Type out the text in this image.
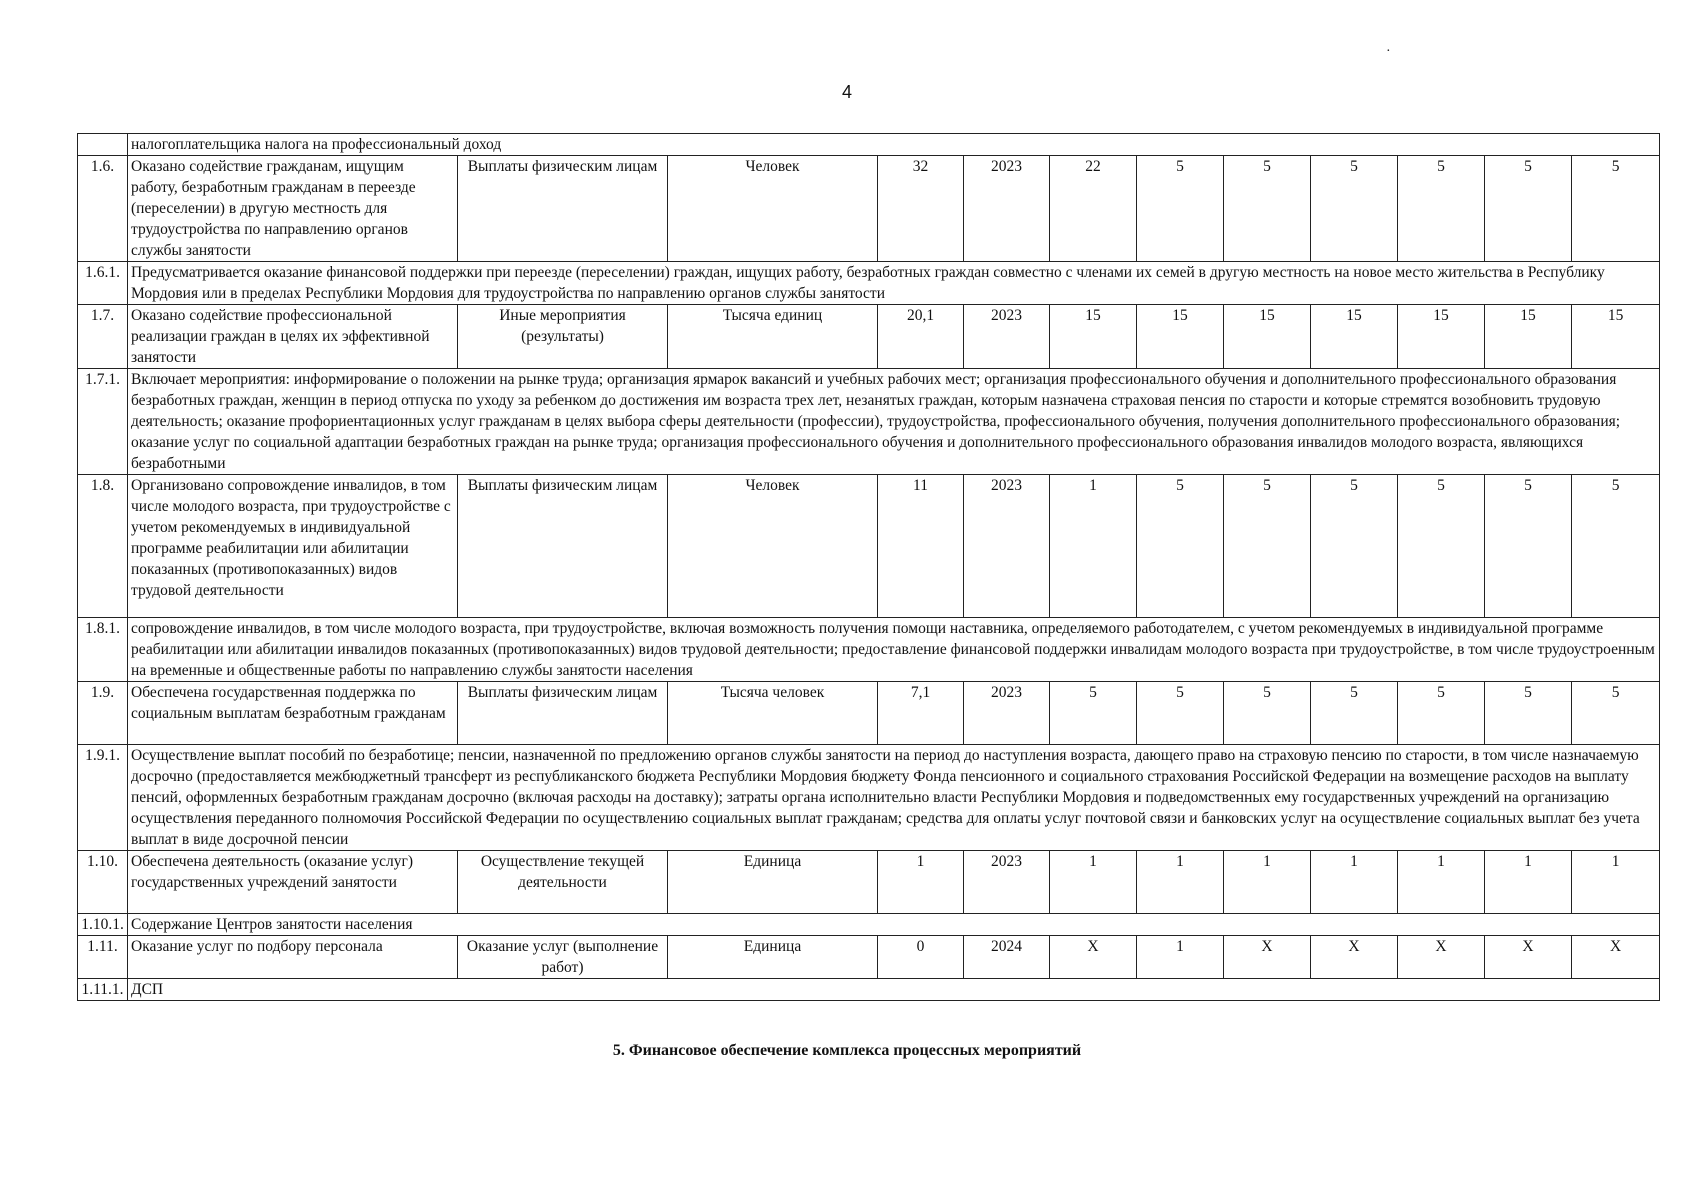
4
·
	налогоплательщика налога на профессиональный доход											
1.6.	Оказано содействие гражданам, ищущим работу, безработным гражданам в переезде (переселении) в другую местность для трудоустройства по направлению органов службы занятости	Выплаты физическим лицам	Человек	32	2023	22	5	5	5	5	5	5
1.6.1.	Предусматривается оказание финансовой поддержки при переезде (переселении) граждан, ищущих работу, безработных граждан совместно с членами их семей в другую местность на новое место жительства в Республику Мордовия или в пределах Республики Мордовия для трудоустройства по направлению органов службы занятости											
1.7.	Оказано содействие профессиональной реализации граждан в целях их эффективной занятости	Иные мероприятия (результаты)	Тысяча единиц	20,1	2023	15	15	15	15	15	15	15
1.7.1.	Включает мероприятия: информирование о положении на рынке труда; организация ярмарок вакансий и учебных рабочих мест; организация профессионального обучения и дополнительного профессионального образования безработных граждан, женщин в период отпуска по уходу за ребенком до достижения им возраста трех лет, незанятых граждан, которым назначена страховая пенсия по старости и которые стремятся возобновить трудовую деятельность; оказание профориентационных услуг гражданам в целях выбора сферы деятельности (профессии), трудоустройства, профессионального обучения, получения дополнительного профессионального образования; оказание услуг по социальной адаптации безработных граждан на рынке труда; организация профессионального обучения и дополнительного профессионального образования инвалидов молодого возраста, являющихся безработными											
1.8.	Организовано сопровождение инвалидов, в том числе молодого возраста, при трудоустройстве с учетом рекомендуемых в индивидуальной программе реабилитации или абилитации показанных (противопоказанных) видов трудовой деятельности	Выплаты физическим лицам	Человек	11	2023	1	5	5	5	5	5	5
1.8.1.	сопровождение инвалидов, в том числе молодого возраста, при трудоустройстве, включая возможность получения помощи наставника, определяемого работодателем, с учетом рекомендуемых в индивидуальной программе реабилитации или абилитации инвалидов показанных (противопоказанных) видов трудовой деятельности; предоставление финансовой поддержки инвалидам молодого возраста при трудоустройстве, в том числе трудоустроенным на временные и общественные работы по направлению службы занятости населения											
1.9.	Обеспечена государственная поддержка по социальным выплатам безработным гражданам	Выплаты физическим лицам	Тысяча человек	7,1	2023	5	5	5	5	5	5	5
1.9.1.	Осуществление выплат пособий по безработице; пенсии, назначенной по предложению органов службы занятости на период до наступления возраста, дающего право на страховую пенсию по старости, в том числе назначаемую досрочно (предоставляется межбюджетный трансферт из республиканского бюджета Республики Мордовия бюджету Фонда пенсионного и социального страхования Российской Федерации на возмещение расходов на выплату пенсий, оформленных безработным гражданам досрочно (включая расходы на доставку); затраты органа исполнительно власти Республики Мордовия и подведомственных ему государственных учреждений на организацию осуществления переданного полномочия Российской Федерации по осуществлению социальных выплат гражданам; средства для оплаты услуг почтовой связи и банковских услуг на осуществление социальных выплат без учета выплат в виде досрочной пенсии											
1.10.	Обеспечена деятельность (оказание услуг) государственных учреждений занятости	Осуществление текущей деятельности	Единица	1	2023	1	1	1	1	1	1	1
1.10.1.	Содержание Центров занятости населения											
1.11.	Оказание услуг по подбору персонала	Оказание услуг (выполнение работ)	Единица	0	2024	Х	1	Х	Х	Х	Х	Х
1.11.1.	ДСП											
5. Финансовое обеспечение комплекса процессных мероприятий
